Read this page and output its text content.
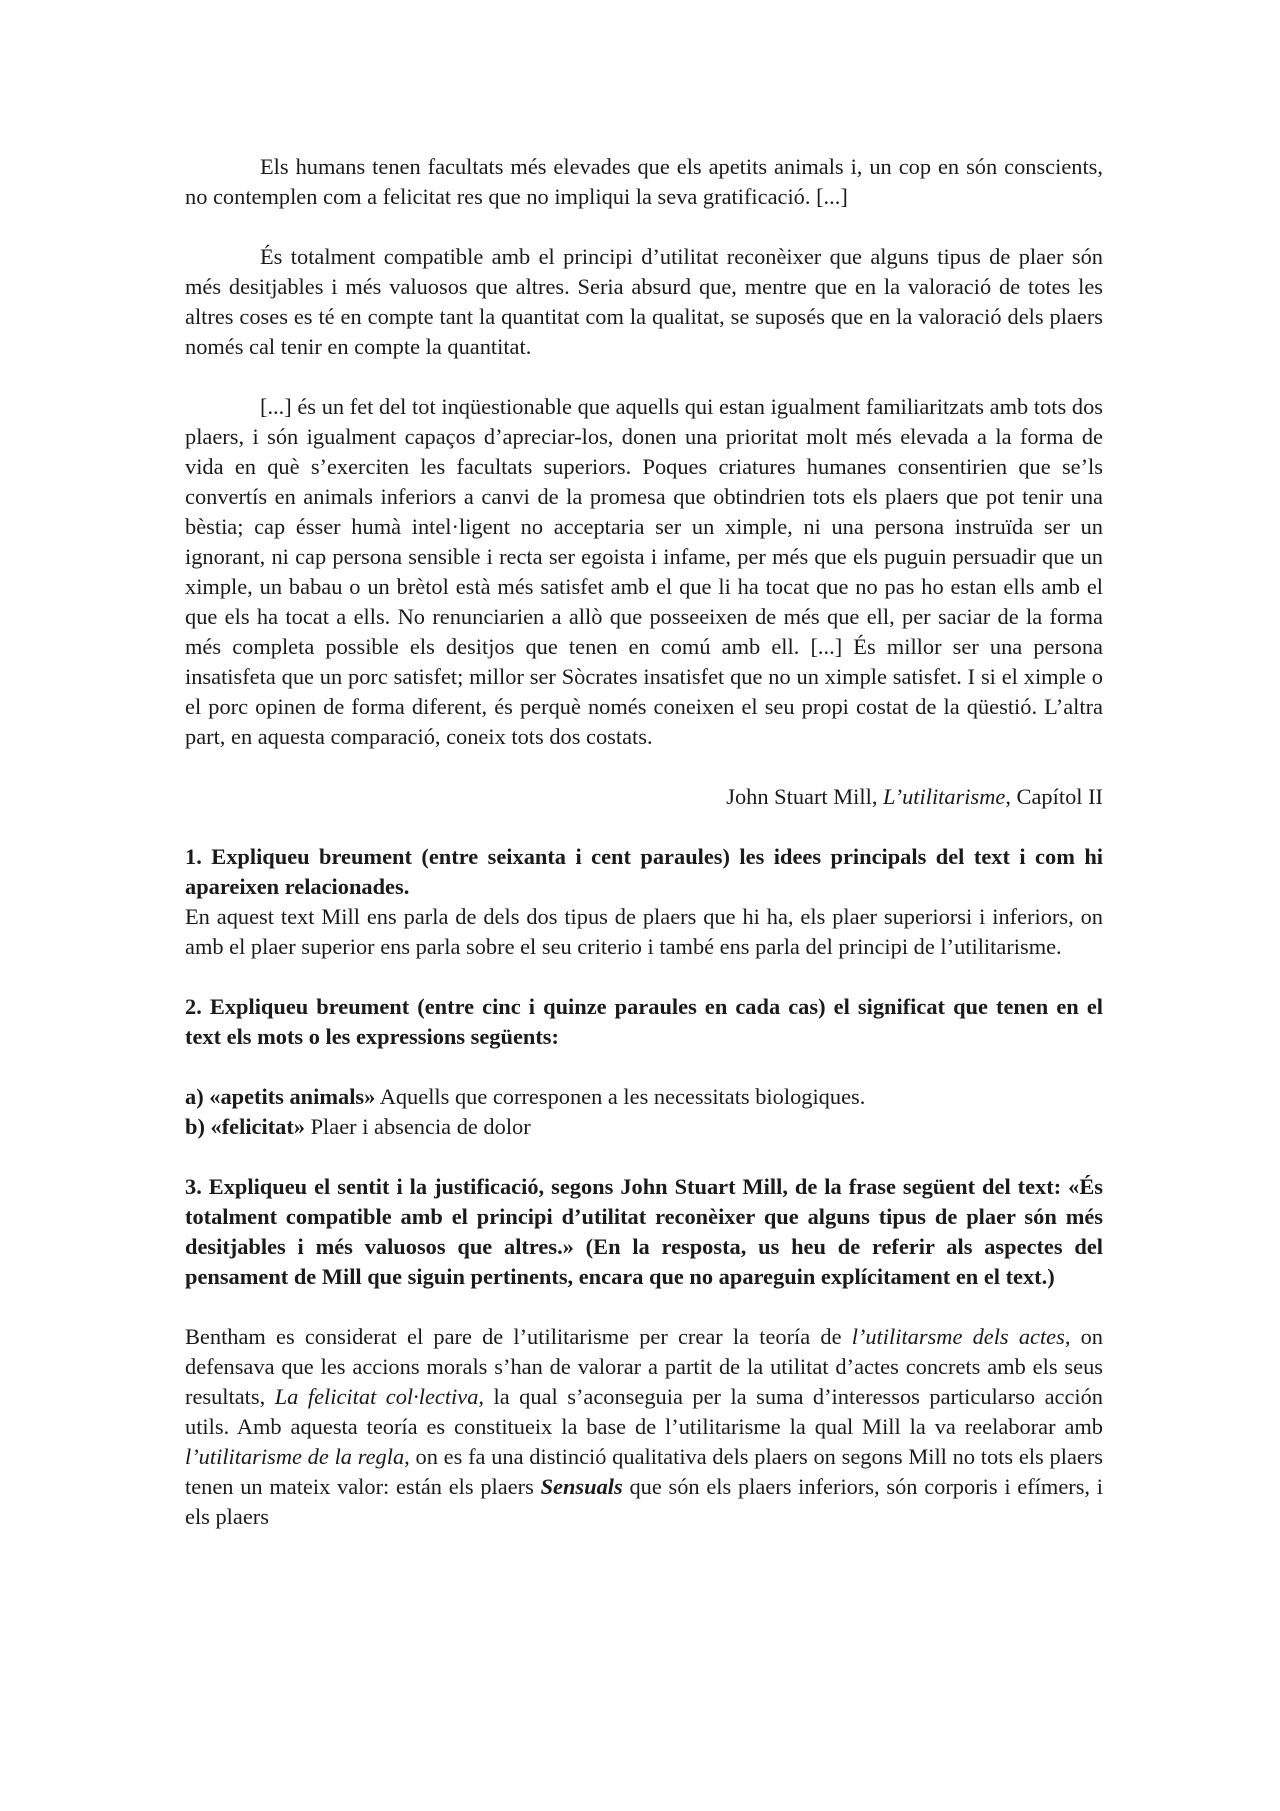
Els humans tenen facultats més elevades que els apetits animals i, un cop en són conscients, no contemplen com a felicitat res que no impliqui la seva gratificació. [...]

És totalment compatible amb el principi d’utilitat reconèixer que alguns tipus de plaer són més desitjables i més valuosos que altres. Seria absurd que, mentre que en la valoració de totes les altres coses es té en compte tant la quantitat com la qualitat, se suposés que en la valoració dels plaers només cal tenir en compte la quantitat.

[...] és un fet del tot inqüestionable que aquells qui estan igualment familiaritzats amb tots dos plaers, i són igualment capaços d’apreciar-los, donen una prioritat molt més elevada a la forma de vida en què s’exerciten les facultats superiors. Poques criatures humanes consentirien que se’ls convertís en animals inferiors a canvi de la promesa que obtindrien tots els plaers que pot tenir una bèstia; cap ésser humà intel·ligent no acceptaria ser un ximple, ni una persona instruïda ser un ignorant, ni cap persona sensible i recta ser egoista i infame, per més que els puguin persuadir que un ximple, un babau o un brètol està més satisfet amb el que li ha tocat que no pas ho estan ells amb el que els ha tocat a ells. No renunciarien a allò que posseeixen de més que ell, per saciar de la forma més completa possible els desitjos que tenen en comú amb ell. [...] És millor ser una persona insatisfeta que un porc satisfet; millor ser Sòcrates insatisfet que no un ximple satisfet. I si el ximple o el porc opinen de forma diferent, és perquè només coneixen el seu propi costat de la qüestió. L’altra part, en aquesta comparació, coneix tots dos costats.

John Stuart Mill, L’utilitarisme, Capítol II

1. Expliqueu breument (entre seixanta i cent paraules) les idees principals del text i com hi apareixen relacionades.

En aquest text Mill ens parla de dels dos tipus de plaers que hi ha, els plaer superiorsi i inferiors, on amb el plaer superior ens parla sobre el seu criterio i també ens parla del principi de l’utilitarisme.

2. Expliqueu breument (entre cinc i quinze paraules en cada cas) el significat que tenen en el text els mots o les expressions següents:

a) «apetits animals» Aquells que corresponen a les necessitats biologiques.

b) «felicitat» Plaer i absencia de dolor

3. Expliqueu el sentit i la justificació, segons John Stuart Mill, de la frase següent del text: «És totalment compatible amb el principi d’utilitat reconèixer que alguns tipus de plaer són més desitjables i més valuosos que altres.» (En la resposta, us heu de referir als aspectes del pensament de Mill que siguin pertinents, encara que no apareguin explícitament en el text.)

Bentham es considerat el pare de l’utilitarisme per crear la teoría de l’utilitarsme dels actes, on defensava que les accions morals s’han de valorar a partit de la utilitat d’actes concrets amb els seus resultats, La felicitat col·lectiva, la qual s’aconseguia per la suma d’interessos particularso acción utils. Amb aquesta teoría es constitueix la base de l’utilitarisme la qual Mill la va reelaborar amb l’utilitarisme de la regla, on es fa una distinció qualitativa dels plaers on segons Mill no tots els plaers tenen un mateix valor: están els plaers Sensuals que són els plaers inferiors, són corporis i efímers, i els plaers
